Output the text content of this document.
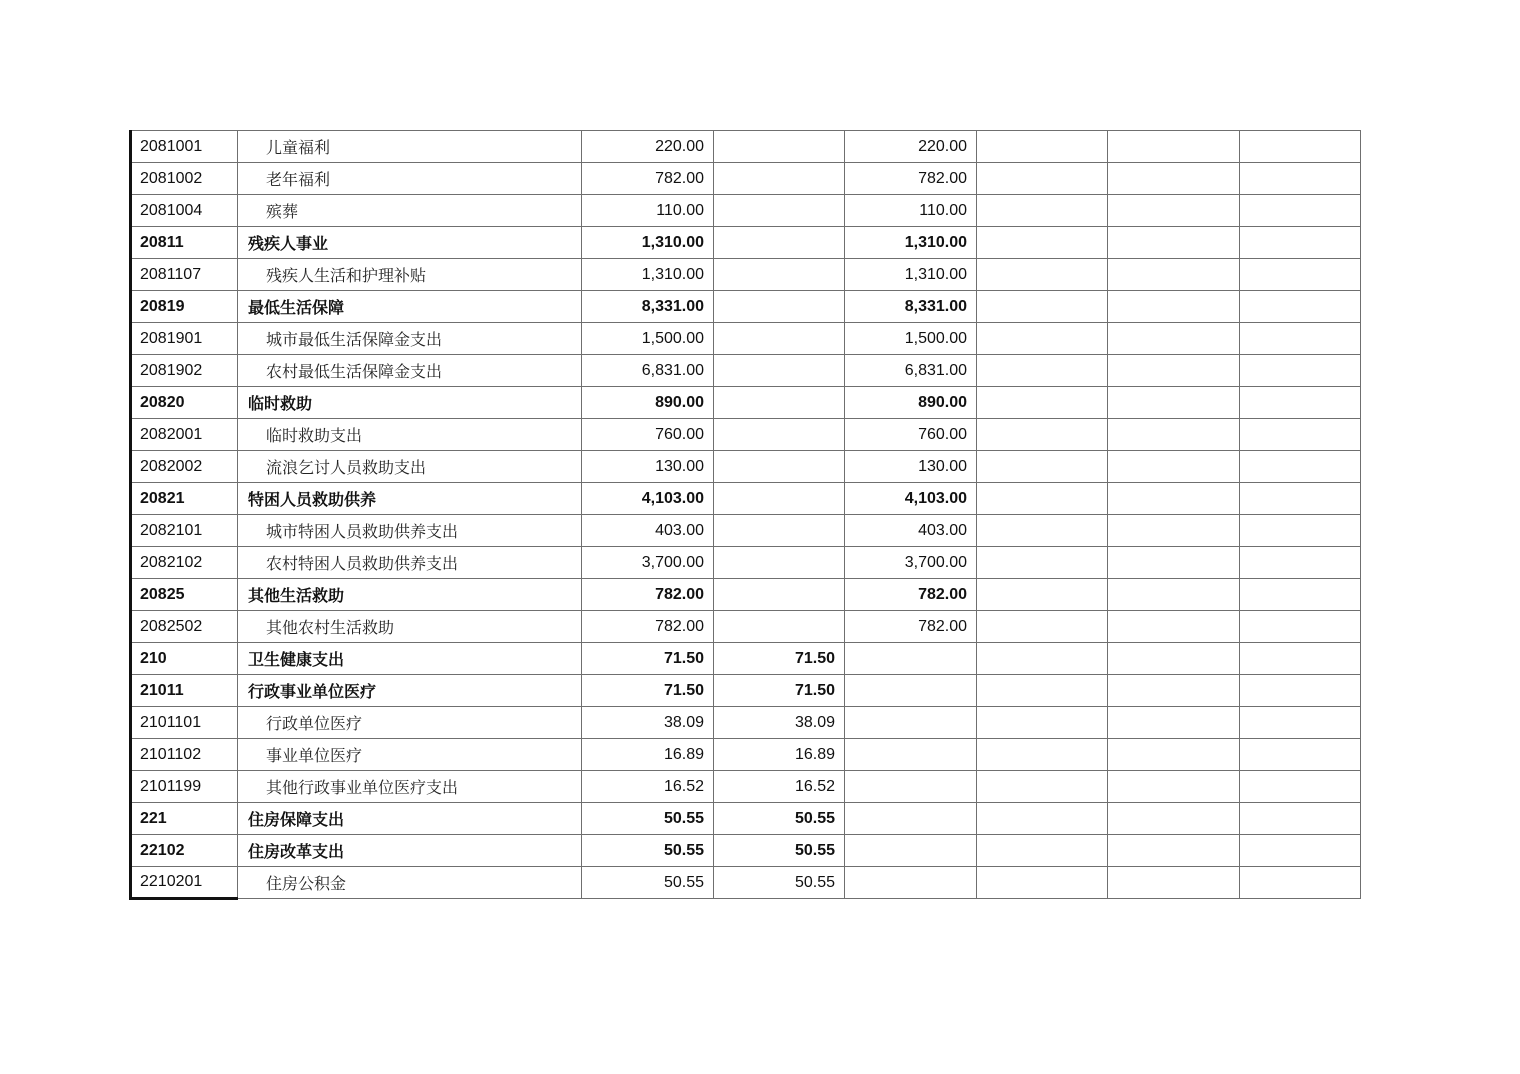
2081001	儿童福利	220.00		220.00			
2081002	老年福利	782.00		782.00			
2081004	殡葬	110.00		110.00			
20811	残疾人事业	1,310.00		1,310.00			
2081107	残疾人生活和护理补贴	1,310.00		1,310.00			
20819	最低生活保障	8,331.00		8,331.00			
2081901	城市最低生活保障金支出	1,500.00		1,500.00			
2081902	农村最低生活保障金支出	6,831.00		6,831.00			
20820	临时救助	890.00		890.00			
2082001	临时救助支出	760.00		760.00			
2082002	流浪乞讨人员救助支出	130.00		130.00			
20821	特困人员救助供养	4,103.00		4,103.00			
2082101	城市特困人员救助供养支出	403.00		403.00			
2082102	农村特困人员救助供养支出	3,700.00		3,700.00			
20825	其他生活救助	782.00		782.00			
2082502	其他农村生活救助	782.00		782.00			
210	卫生健康支出	71.50	71.50				
21011	行政事业单位医疗	71.50	71.50				
2101101	行政单位医疗	38.09	38.09				
2101102	事业单位医疗	16.89	16.89				
2101199	其他行政事业单位医疗支出	16.52	16.52				
221	住房保障支出	50.55	50.55				
22102	住房改革支出	50.55	50.55				
2210201	住房公积金	50.55	50.55				
